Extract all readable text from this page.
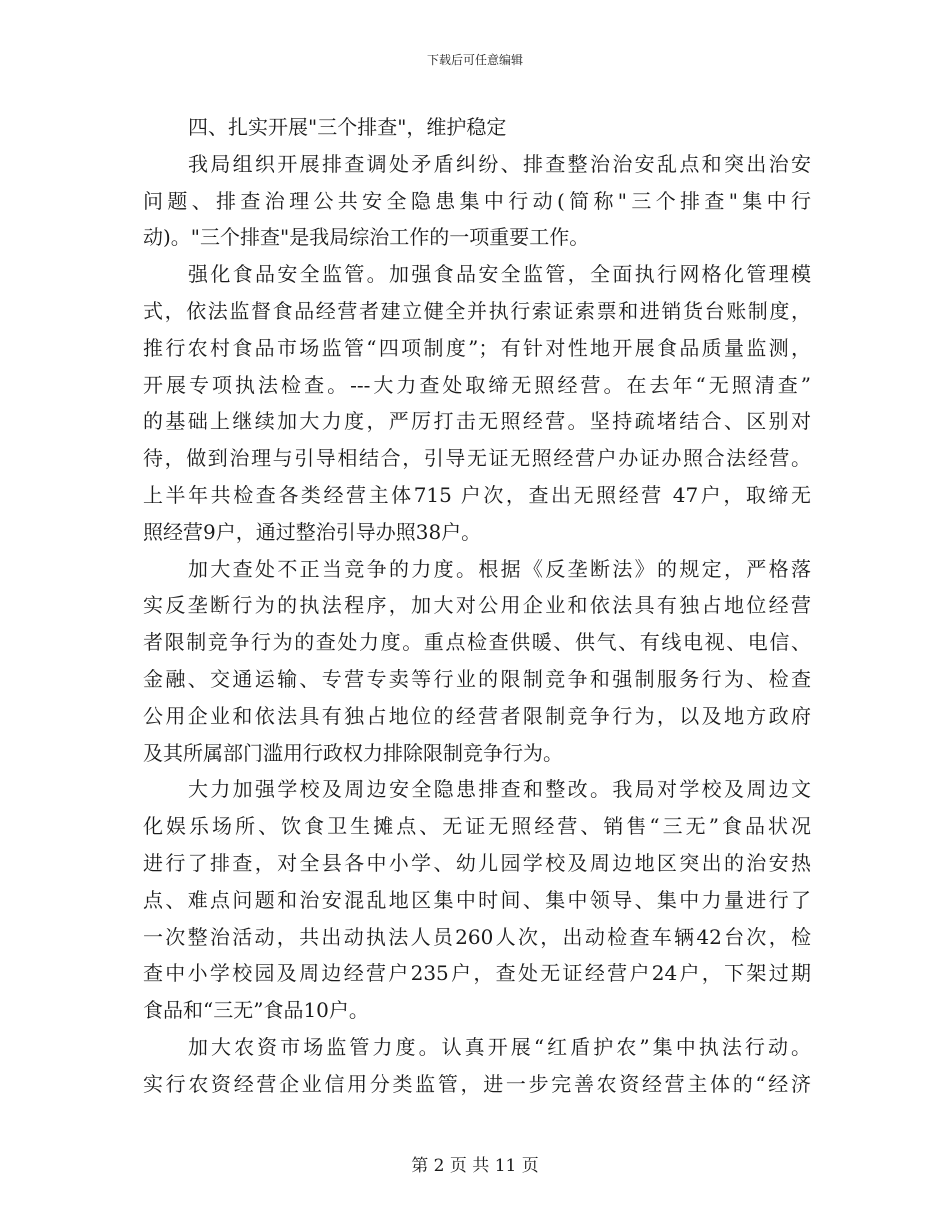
下载后可任意编辑
四、扎实开展"三个排查"，维护稳定
我局组织开展排查调处矛盾纠纷、排查整治治安乱点和突出治安
问题、排查治理公共安全隐患集中行动(简称"三个排查"集中行
动)。"三个排查"是我局综治工作的一项重要工作。
强化食品安全监管。加强食品安全监管，全面执行网格化管理模
式，依法监督食品经营者建立健全并执行索证索票和进销货台账制度，
推行农村食品市场监管“四项制度”；有针对性地开展食品质量监测，
开展专项执法检查。---大力查处取缔无照经营。在去年“无照清查”
的基础上继续加大力度，严厉打击无照经营。坚持疏堵结合、区别对
待，做到治理与引导相结合，引导无证无照经营户办证办照合法经营。
上半年共检查各类经营主体715 户次，查出无照经营 47户，取缔无
照经营9户，通过整治引导办照38户。
加大查处不正当竞争的力度。根据《反垄断法》的规定，严格落
实反垄断行为的执法程序，加大对公用企业和依法具有独占地位经营
者限制竞争行为的查处力度。重点检查供暖、供气、有线电视、电信、
金融、交通运输、专营专卖等行业的限制竞争和强制服务行为、检查
公用企业和依法具有独占地位的经营者限制竞争行为，以及地方政府
及其所属部门滥用行政权力排除限制竞争行为。
大力加强学校及周边安全隐患排查和整改。我局对学校及周边文
化娱乐场所、饮食卫生摊点、无证无照经营、销售“三无”食品状况
进行了排查，对全县各中小学、幼儿园学校及周边地区突出的治安热
点、难点问题和治安混乱地区集中时间、集中领导、集中力量进行了
一次整治活动，共出动执法人员260人次，出动检查车辆42台次，检
查中小学校园及周边经营户235户，查处无证经营户24户，下架过期
食品和“三无”食品10户。
加大农资市场监管力度。认真开展“红盾护农”集中执法行动。
实行农资经营企业信用分类监管，进一步完善农资经营主体的“经济
第 2 页 共 11 页
